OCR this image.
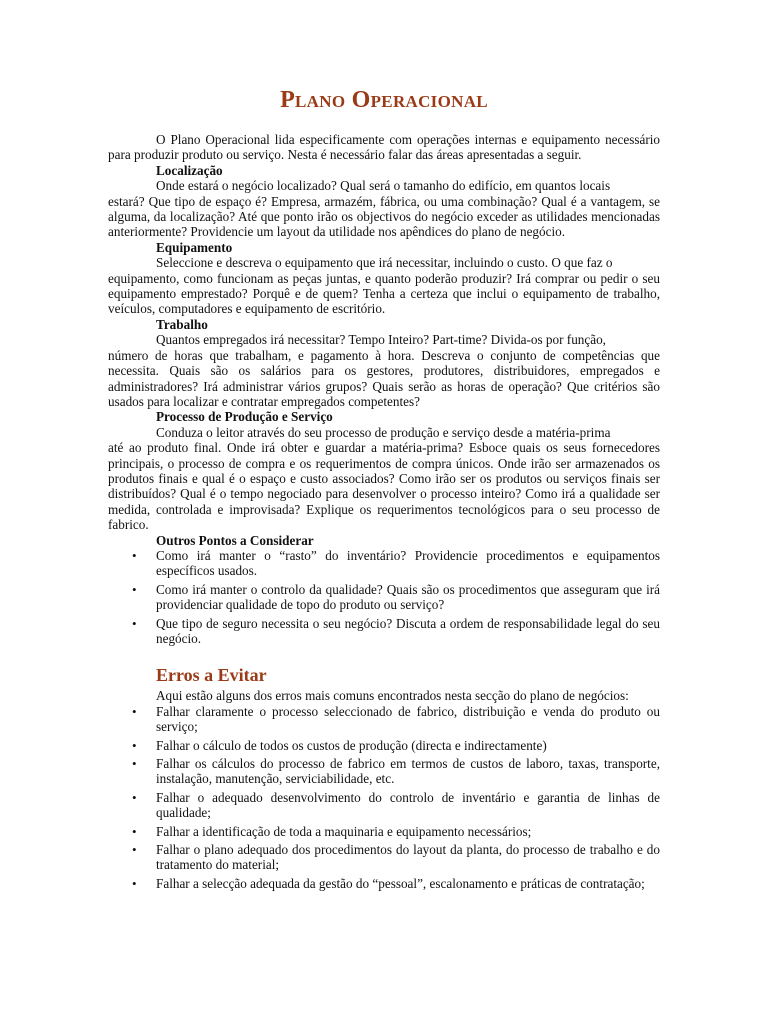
Plano Operacional

O Plano Operacional lida especificamente com operações internas e equipamento necessário para produzir produto ou serviço. Nesta é necessário falar das áreas apresentadas a seguir.

Localização

Onde estará o negócio localizado? Qual será o tamanho do edifício, em quantos locais

estará? Que tipo de espaço é? Empresa, armazém, fábrica, ou uma combinação? Qual é a vantagem, se alguma, da localização? Até que ponto irão os objectivos do negócio exceder as utilidades mencionadas anteriormente? Providencie um layout da utilidade nos apêndices do plano de negócio.

Equipamento

Seleccione e descreva o equipamento que irá necessitar, incluindo o custo. O que faz o

equipamento, como funcionam as peças juntas, e quanto poderão produzir? Irá comprar ou pedir o seu equipamento emprestado? Porquê e de quem? Tenha a certeza que inclui o equipamento de trabalho, veículos, computadores e equipamento de escritório.

Trabalho

Quantos empregados irá necessitar? Tempo Inteiro? Part-time? Divida-os por função,

número de horas que trabalham, e pagamento à hora. Descreva o conjunto de competências que necessita. Quais são os salários para os gestores, produtores, distribuidores, empregados e administradores? Irá administrar vários grupos? Quais serão as horas de operação? Que critérios são usados para localizar e contratar empregados competentes?

Processo de Produção e Serviço

Conduza o leitor através do seu processo de produção e serviço desde a matéria-prima

até ao produto final. Onde irá obter e guardar a matéria-prima? Esboce quais os seus fornecedores principais, o processo de compra e os requerimentos de compra únicos. Onde irão ser armazenados os produtos finais e qual é o espaço e custo associados? Como irão ser os produtos ou serviços finais ser distribuídos? Qual é o tempo negociado para desenvolver o processo inteiro? Como irá a qualidade ser medida, controlada e improvisada? Explique os requerimentos tecnológicos para o seu processo de fabrico.

Outros Pontos a Considerar
• Como irá manter o “rasto” do inventário? Providencie procedimentos e equipamentos específicos usados.
• Como irá manter o controlo da qualidade? Quais são os procedimentos que asseguram que irá providenciar qualidade de topo do produto ou serviço?
• Que tipo de seguro necessita o seu negócio? Discuta a ordem de responsabilidade legal do seu negócio.
Erros a Evitar

Aqui estão alguns dos erros mais comuns encontrados nesta secção do plano de negócios:

• Falhar claramente o processo seleccionado de fabrico, distribuição e venda do produto ou serviço;
• Falhar o cálculo de todos os custos de produção (directa e indirectamente)
• Falhar os cálculos do processo de fabrico em termos de custos de laboro, taxas, transporte, instalação, manutenção, serviciabilidade, etc.
• Falhar o adequado desenvolvimento do controlo de inventário e garantia de linhas de qualidade;
• Falhar a identificação de toda a maquinaria e equipamento necessários;
• Falhar o plano adequado dos procedimentos do layout da planta, do processo de trabalho e do tratamento do material;
• Falhar a selecção adequada da gestão do “pessoal”, escalonamento e práticas de contratação;
